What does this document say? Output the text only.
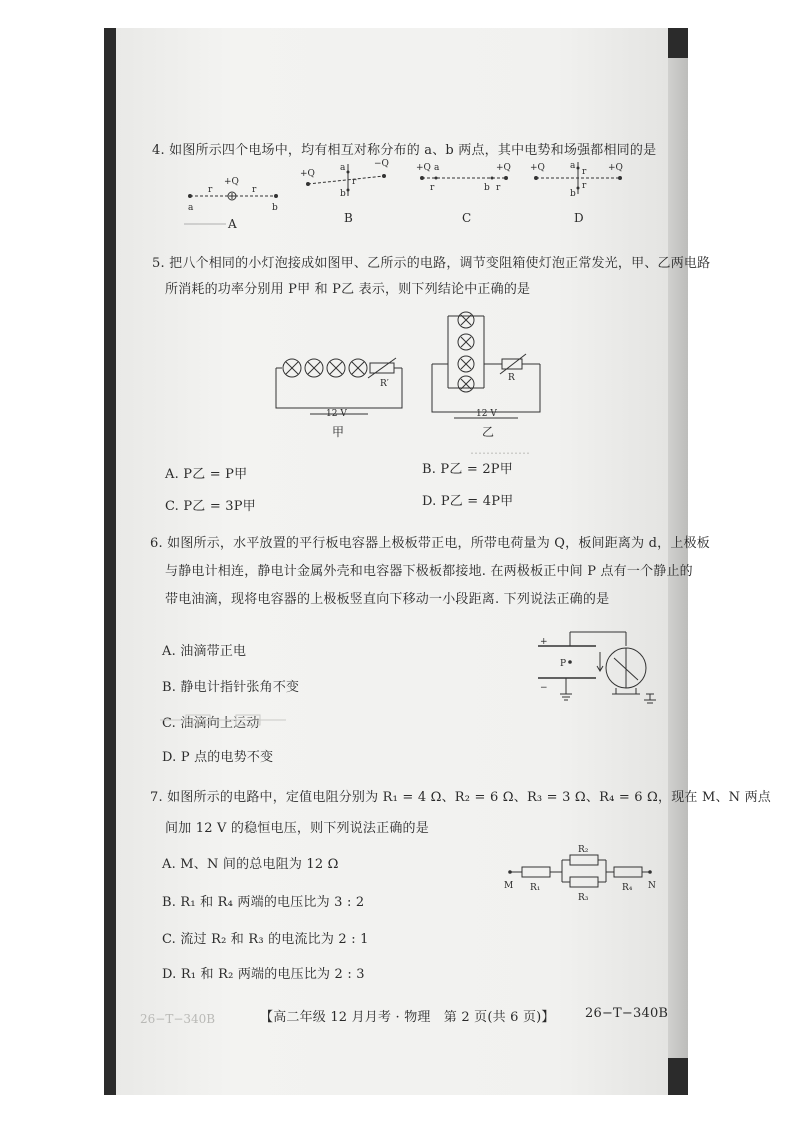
26−T−340B
4. 如图所示四个电场中，均有相互对称分布的 a、b 两点，其中电势和场强都相同的是
+Q
r	r
a	b
A
+Q
−Q
a
b
r
B
+Q	+Q
a
b
r	r
C
+Q	+Q
a
b
r
r
D
5. 把八个相同的小灯泡接成如图甲、乙所示的电路，调节变阻箱使灯泡正常发光，甲、乙两电路
所消耗的功率分别用 P甲 和 P乙 表示，则下列结论中正确的是
R′
12 V
甲
R
12 V
乙
⋯⋯⋯⋯⋯
A. P乙 = P甲	B. P乙 = 2P甲
C. P乙 = 3P甲	D. P乙 = 4P甲
6. 如图所示，水平放置的平行板电容器上极板带正电，所带电荷量为 Q，板间距离为 d，上极板
与静电计相连，静电计金属外壳和电容器下极板都接地. 在两极板正中间 P 点有一个静止的
带电油滴，现将电容器的上极板竖直向下移动一小段距离. 下列说法正确的是
A. 油滴带正电
B. 静电计指针张角不变
C. 油滴向上运动
D. P 点的电势不变
+
−
P
7. 如图所示的电路中，定值电阻分别为 R₁ = 4 Ω、R₂ = 6 Ω、R₃ = 3 Ω、R₄ = 6 Ω，现在 M、N 两点
间加 12 V 的稳恒电压，则下列说法正确的是
A. M、N 间的总电阻为 12 Ω
B. R₁ 和 R₄ 两端的电压比为 3 : 2
C. 流过 R₂ 和 R₃ 的电流比为 2 : 1
D. R₁ 和 R₂ 两端的电压比为 2 : 3
M	N
R₁
R₂
R₃
R₄
【高二年级 12 月月考 · 物理　第 2 页(共 6 页)】 26−T−340B
